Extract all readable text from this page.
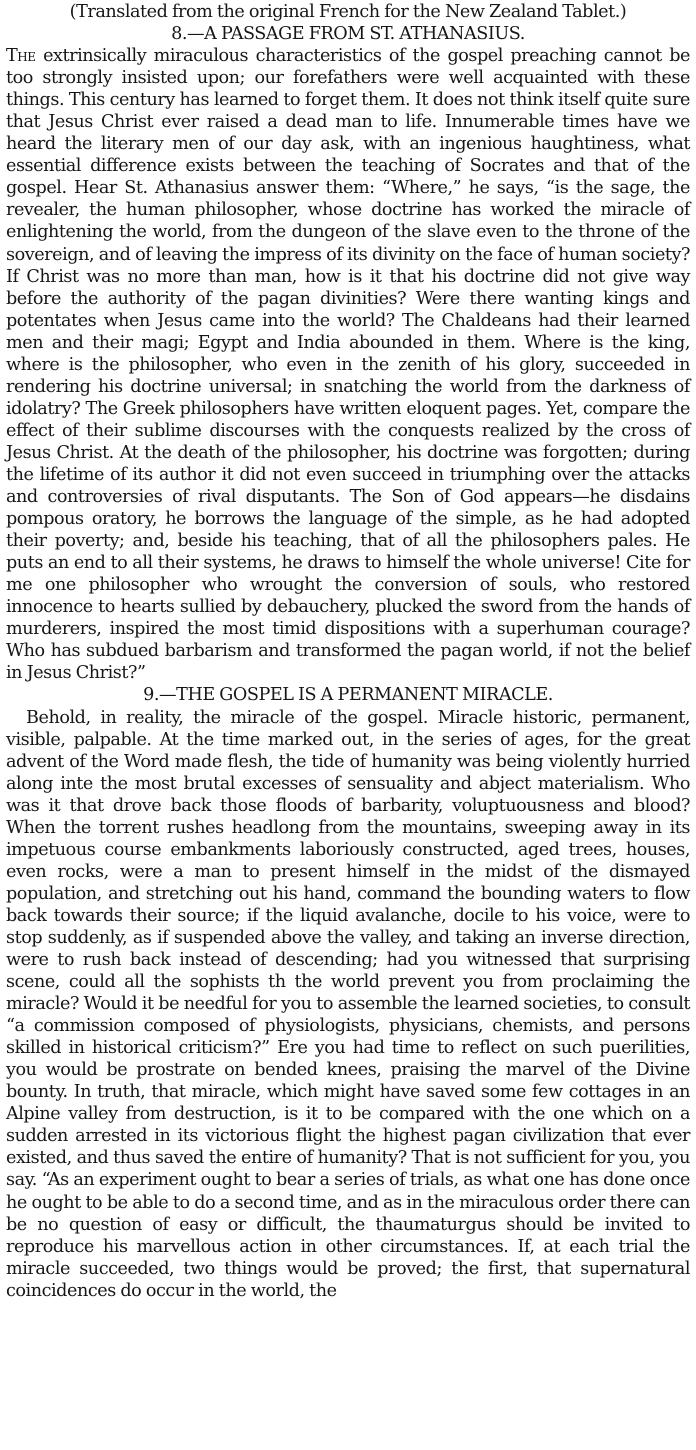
(Translated from the original French for the New Zealand Tablet.)
8.—A PASSAGE FROM ST. ATHANASIUS.

The extrinsically miraculous characteristics of the gospel preaching cannot be too strongly insisted upon; our forefathers were well acquainted with these things. This century has learned to forget them. It does not think itself quite sure that Jesus Christ ever raised a dead man to life. Innumerable times have we heard the literary men of our day ask, with an ingenious haughtiness, what essential difference exists between the teaching of Socrates and that of the gospel. Hear St. Athanasius answer them: “Where,” he says, “is the sage, the revealer, the human philosopher, whose doctrine has worked the miracle of enlightening the world, from the dungeon of the slave even to the throne of the sovereign, and of leaving the impress of its divinity on the face of human society? If Christ was no more than man, how is it that his doctrine did not give way before the authority of the pagan divinities? Were there wanting kings and potentates when Jesus came into the world? The Chaldeans had their learned men and their magi; Egypt and India abounded in them. Where is the king, where is the philosopher, who even in the zenith of his glory, succeeded in rendering his doctrine universal; in snatching the world from the darkness of idolatry? The Greek philosophers have written eloquent pages. Yet, compare the effect of their sublime discourses with the conquests realized by the cross of Jesus Christ. At the death of the philosopher, his doctrine was forgotten; during the lifetime of its author it did not even succeed in triumphing over the attacks and controversies of rival disputants. The Son of God appears—he disdains pompous oratory, he borrows the language of the simple, as he had adopted their poverty; and, beside his teaching, that of all the philosophers pales. He puts an end to all their systems, he draws to himself the whole universe! Cite for me one philosopher who wrought the conversion of souls, who restored innocence to hearts sullied by debauchery, plucked the sword from the hands of murderers, inspired the most timid dispositions with a superhuman courage? Who has subdued barbarism and transformed the pagan world, if not the belief in Jesus Christ?”

9.—THE GOSPEL IS A PERMANENT MIRACLE.

Behold, in reality, the miracle of the gospel. Miracle historic, permanent, visible, palpable. At the time marked out, in the series of ages, for the great advent of the Word made flesh, the tide of humanity was being violently hurried along inte the most brutal excesses of sensuality and abject materialism. Who was it that drove back those floods of barbarity, voluptuousness and blood? When the torrent rushes headlong from the mountains, sweeping away in its impetuous course embankments laboriously constructed, aged trees, houses, even rocks, were a man to present himself in the midst of the dismayed population, and stretching out his hand, command the bounding waters to flow back towards their source; if the liquid avalanche, docile to his voice, were to stop suddenly, as if suspended above the valley, and taking an inverse direction, were to rush back instead of descending; had you witnessed that surprising scene, could all the sophists th the world prevent you from proclaiming the miracle? Would it be needful for you to assemble the learned societies, to consult “a commission composed of physiologists, physicians, chemists, and persons skilled in historical criticism?” Ere you had time to reflect on such puerilities, you would be prostrate on bended knees, praising the marvel of the Divine bounty. In truth, that miracle, which might have saved some few cottages in an Alpine valley from destruction, is it to be compared with the one which on a sudden arrested in its victorious flight the highest pagan civilization that ever existed, and thus saved the entire of humanity? That is not sufficient for you, you say. “As an experiment ought to bear a series of trials, as what one has done once he ought to be able to do a second time, and as in the miraculous order there can be no question of easy or difficult, the thaumaturgus should be invited to reproduce his marvellous action in other circumstances. If, at each trial the miracle succeeded, two things would be proved; the first, that supernatural coincidences do occur in the world, the
